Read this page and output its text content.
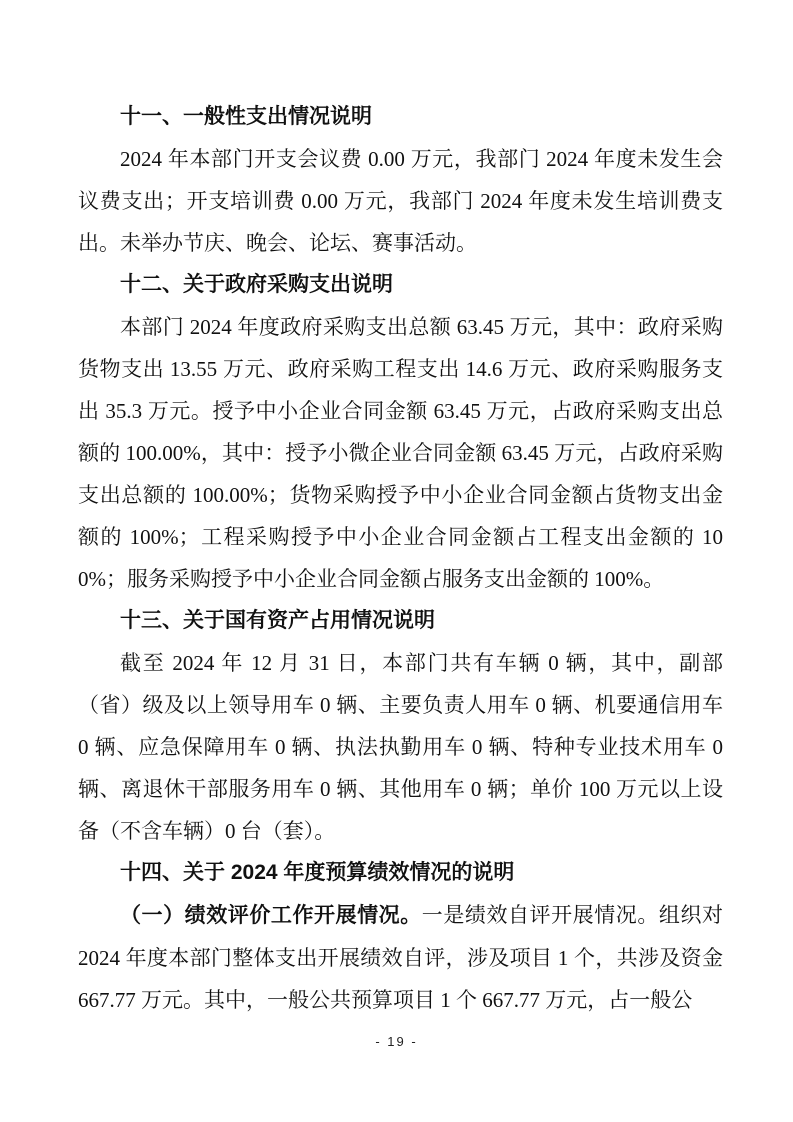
十一、一般性支出情况说明

2024 年本部门开支会议费 0.00 万元，我部门 2024 年度未发生会议费支出；开支培训费 0.00 万元，我部门 2024 年度未发生培训费支出。未举办节庆、晚会、论坛、赛事活动。

十二、关于政府采购支出说明

本部门 2024 年度政府采购支出总额 63.45 万元，其中：政府采购货物支出 13.55 万元、政府采购工程支出 14.6 万元、政府采购服务支出 35.3 万元。授予中小企业合同金额 63.45 万元，占政府采购支出总额的 100.00%，其中：授予小微企业合同金额 63.45 万元，占政府采购支出总额的 100.00%；货物采购授予中小企业合同金额占货物支出金额的 100%；工程采购授予中小企业合同金额占工程支出金额的 100%；服务采购授予中小企业合同金额占服务支出金额的 100%。

十三、关于国有资产占用情况说明

截至 2024 年 12 月 31 日，本部门共有车辆 0 辆，其中，副部（省）级及以上领导用车 0 辆、主要负责人用车 0 辆、机要通信用车 0 辆、应急保障用车 0 辆、执法执勤用车 0 辆、特种专业技术用车 0 辆、离退休干部服务用车 0 辆、其他用车 0 辆；单价 100 万元以上设备（不含车辆）0 台（套）。

十四、关于 2024 年度预算绩效情况的说明

（一）绩效评价工作开展情况。一是绩效自评开展情况。组织对 2024 年度本部门整体支出开展绩效自评，涉及项目 1 个，共涉及资金 667.77 万元。其中，一般公共预算项目 1 个 667.77 万元，占一般公

- 19 -
